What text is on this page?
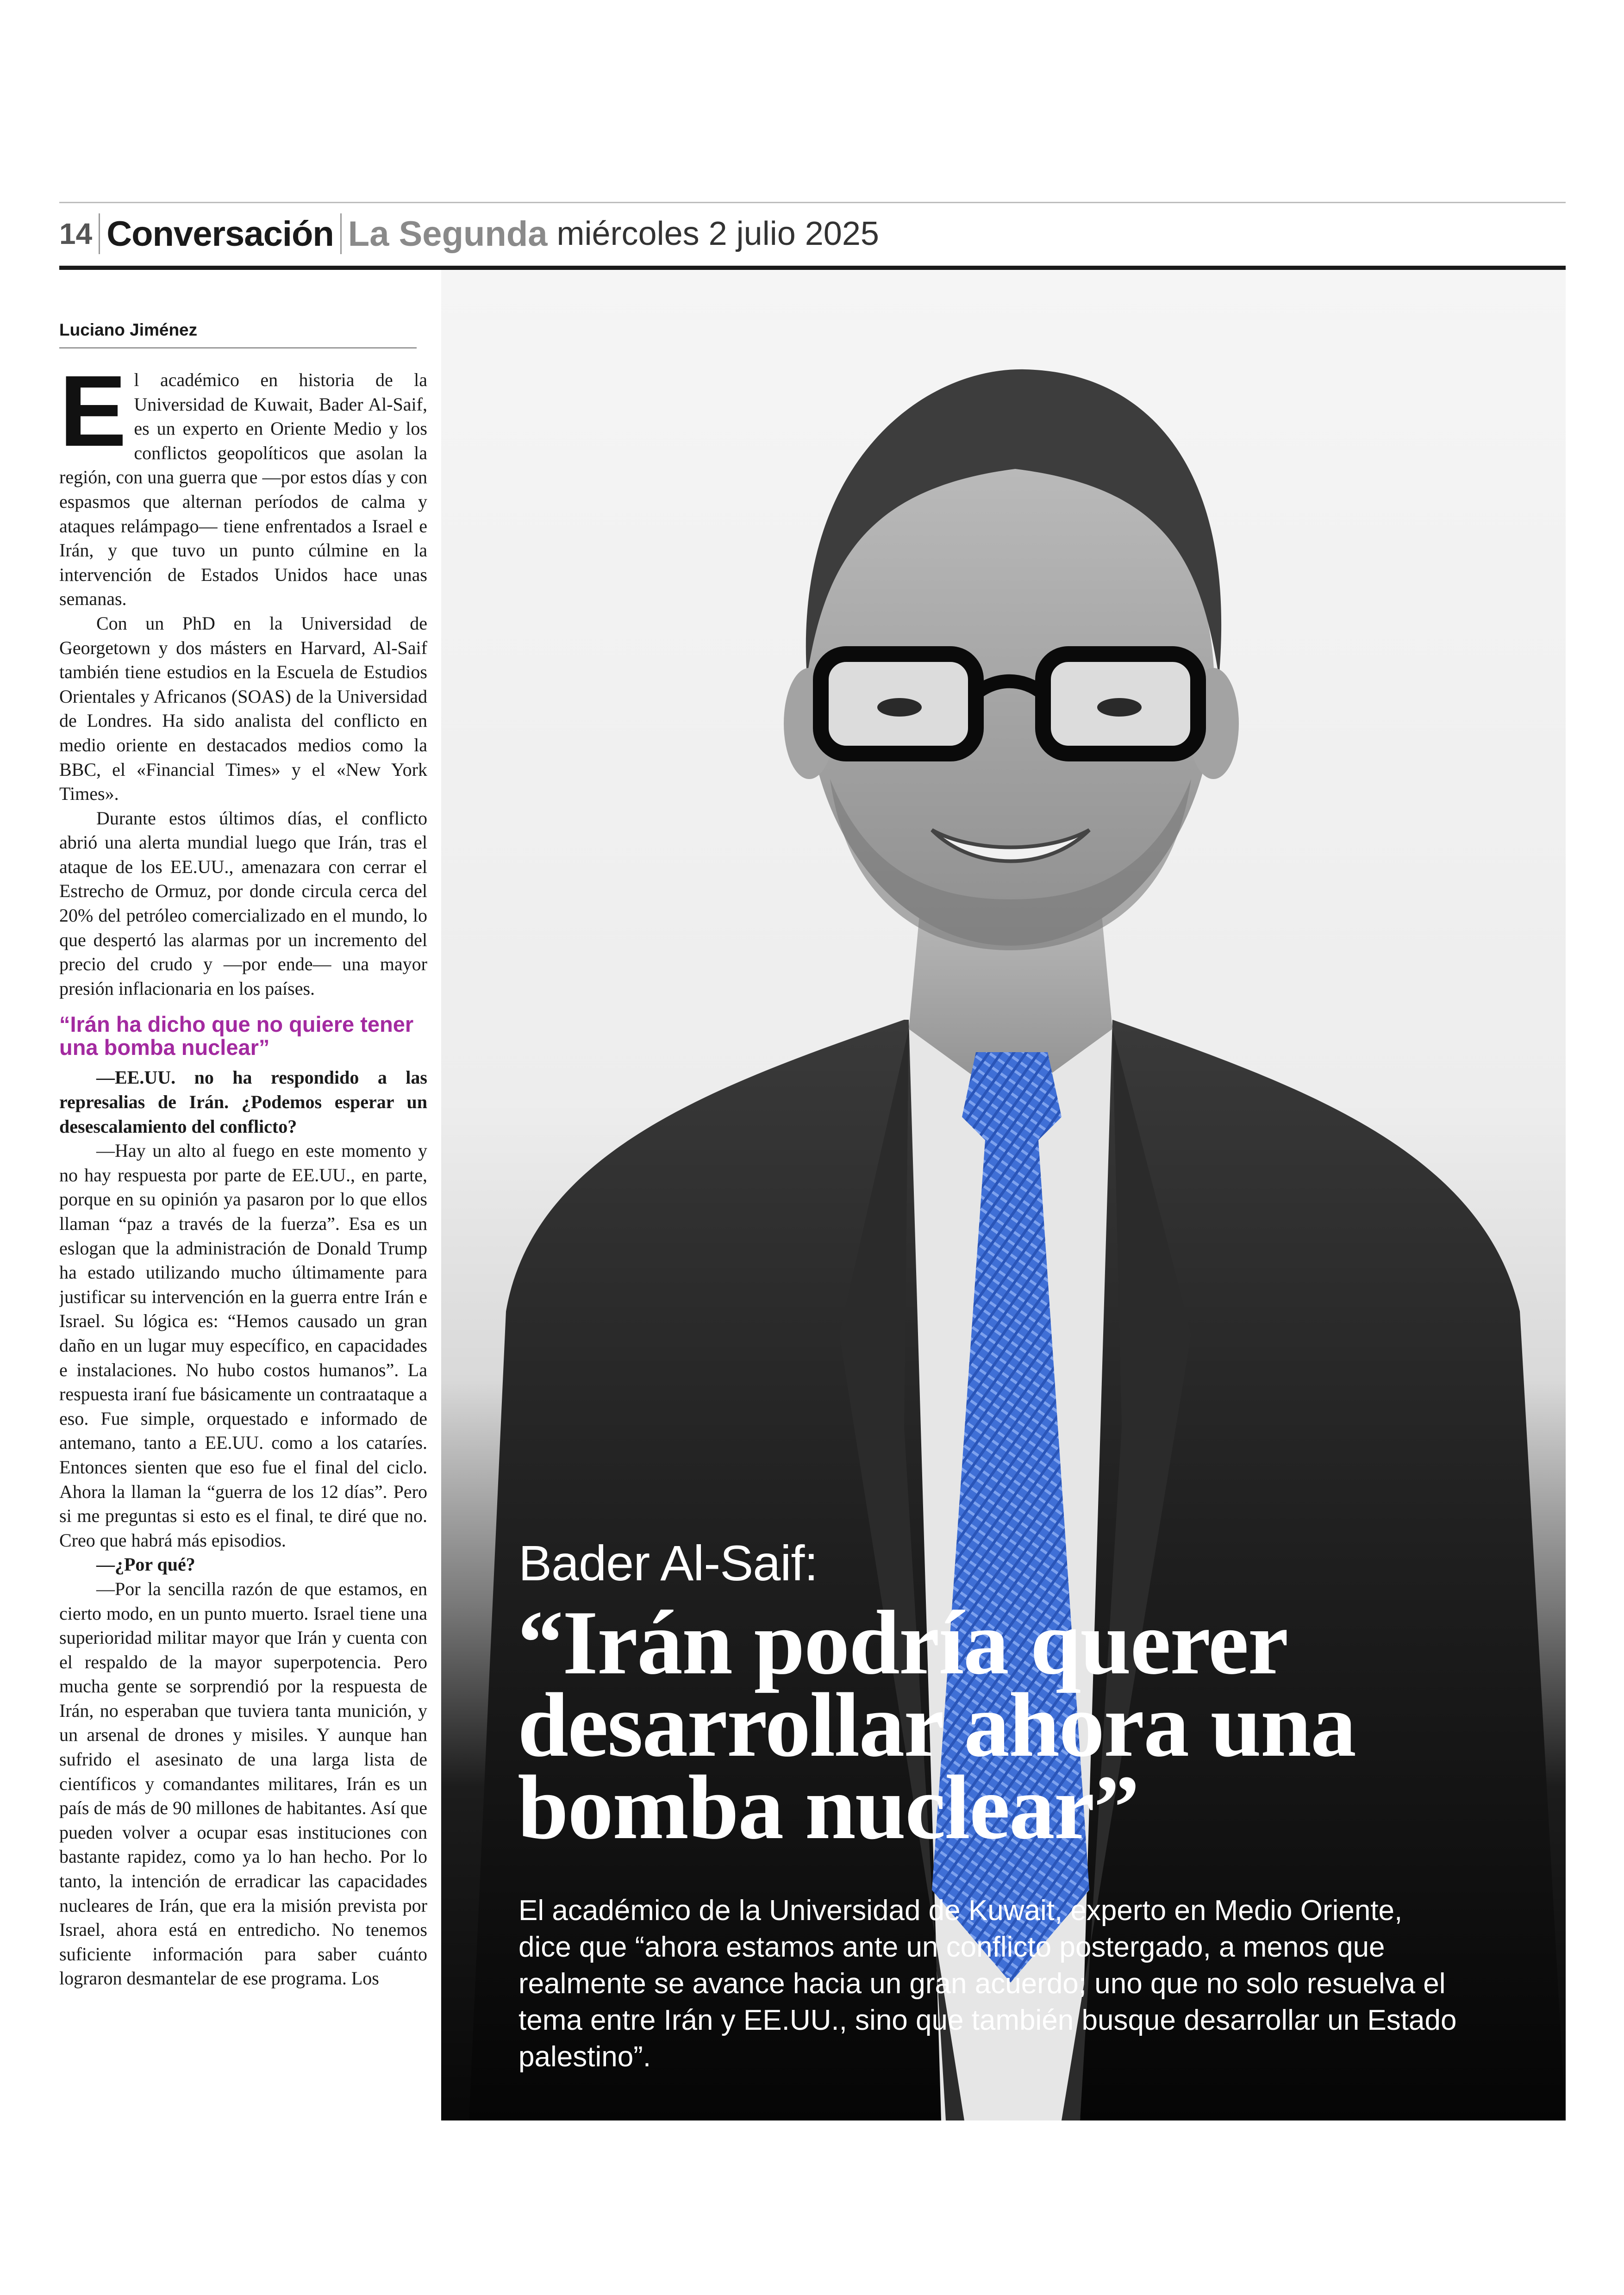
14 Conversación La Segunda miércoles 2 julio 2025
Luciano Jiménez

El académico en historia de la Universidad de Kuwait, Bader Al-Saif, es un experto en Oriente Medio y los conflictos geopolíticos que asolan la región, con una guerra que —por estos días y con espasmos que alternan períodos de calma y ataques relámpago— tiene enfrentados a Israel e Irán, y que tuvo un punto cúlmine en la intervención de Estados Unidos hace unas semanas.

Con un PhD en la Universidad de Georgetown y dos másters en Harvard, Al-Saif también tiene estudios en la Escuela de Estudios Orientales y Africanos (SOAS) de la Universidad de Londres. Ha sido analista del conflicto en medio oriente en destacados medios como la BBC, el «Financial Times» y el «New York Times».

Durante estos últimos días, el conflicto abrió una alerta mundial luego que Irán, tras el ataque de los EE.UU., amenazara con cerrar el Estrecho de Ormuz, por donde circula cerca del 20% del petróleo comercializado en el mundo, lo que despertó las alarmas por un incremento del precio del crudo y —por ende— una mayor presión inflacionaria en los países.

“Irán ha dicho que no quiere tener una bomba nuclear”

—EE.UU. no ha respondido a las represalias de Irán. ¿Podemos esperar un desescalamiento del conflicto?

—Hay un alto al fuego en este momento y no hay respuesta por parte de EE.UU., en parte, porque en su opinión ya pasaron por lo que ellos llaman “paz a través de la fuerza”. Esa es un eslogan que la administración de Donald Trump ha estado utilizando mucho últimamente para justificar su intervención en la guerra entre Irán e Israel. Su lógica es: “Hemos causado un gran daño en un lugar muy específico, en capacidades e instalaciones. No hubo costos humanos”. La respuesta iraní fue básicamente un contraataque a eso. Fue simple, orquestado e informado de antemano, tanto a EE.UU. como a los cataríes. Entonces sienten que eso fue el final del ciclo. Ahora la llaman la “guerra de los 12 días”. Pero si me preguntas si esto es el final, te diré que no. Creo que habrá más episodios.

—¿Por qué?

—Por la sencilla razón de que estamos, en cierto modo, en un punto muerto. Israel tiene una superioridad militar mayor que Irán y cuenta con el respaldo de la mayor superpotencia. Pero mucha gente se sorprendió por la respuesta de Irán, no esperaban que tuviera tanta munición, y un arsenal de drones y misiles. Y aunque han sufrido el asesinato de una larga lista de científicos y comandantes militares, Irán es un país de más de 90 millones de habitantes. Así que pueden volver a ocupar esas instituciones con bastante rapidez, como ya lo han hecho. Por lo tanto, la intención de erradicar las capacidades nucleares de Irán, que era la misión prevista por Israel, ahora está en entredicho. No tenemos suficiente información para saber cuánto lograron desmantelar de ese programa. Los

Bader Al-Saif:
“Irán podría querer desarrollar ahora una bomba nuclear”
El académico de la Universidad de Kuwait, experto en Medio Oriente, dice que “ahora estamos ante un conflicto postergado, a menos que realmente se avance hacia un gran acuerdo; uno que no solo resuelva el tema entre Irán y EE.UU., sino que también busque desarrollar un Estado palestino”.
